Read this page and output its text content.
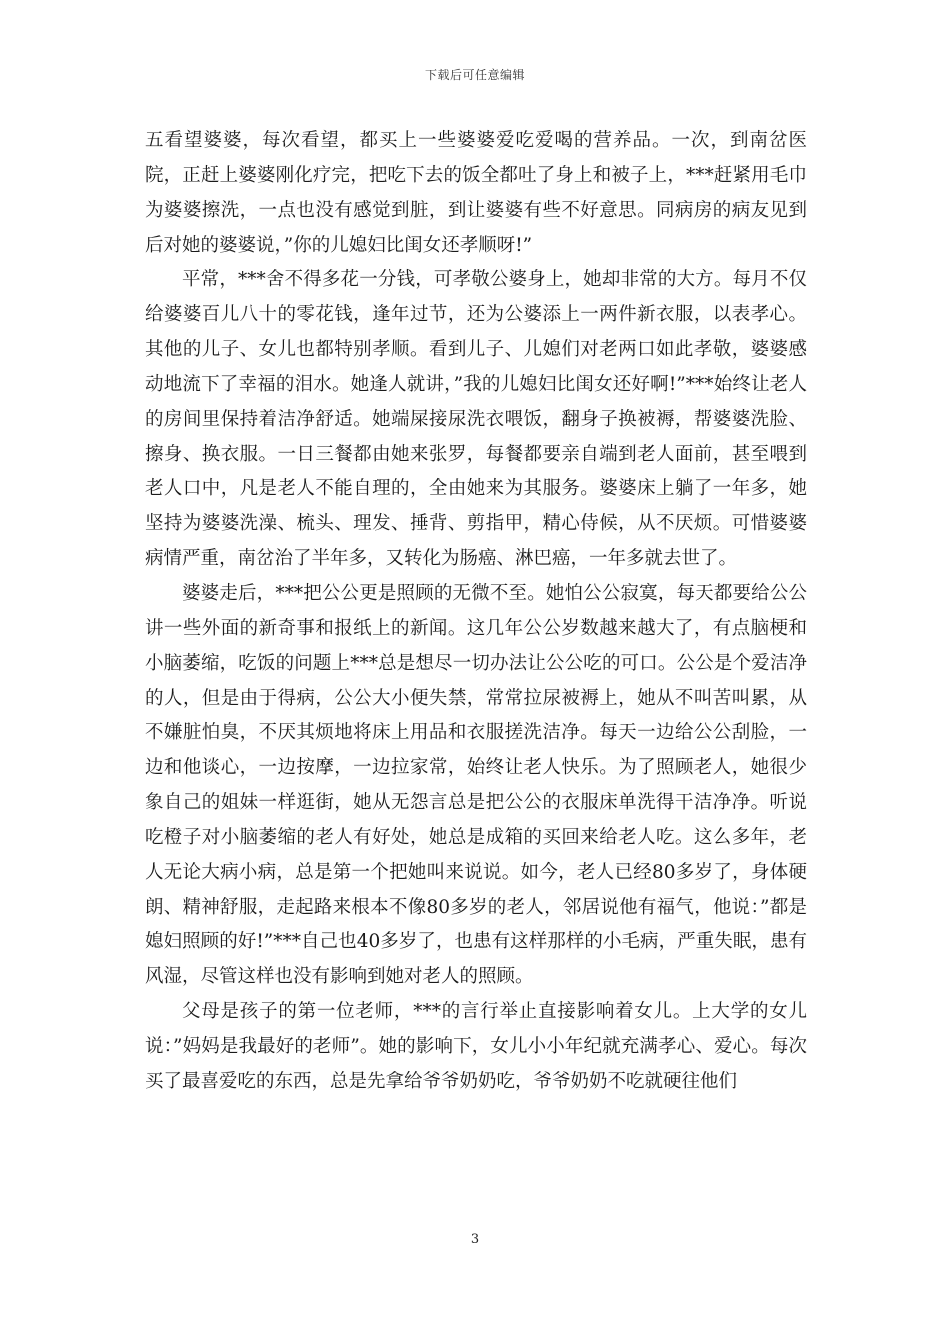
下载后可任意编辑

五看望婆婆，每次看望，都买上一些婆婆爱吃爱喝的营养品。一次，到南岔医院，正赶上婆婆刚化疗完，把吃下去的饭全都吐了身上和被子上，***赶紧用毛巾为婆婆擦洗，一点也没有感觉到脏，到让婆婆有些不好意思。同病房的病友见到后对她的婆婆说，”你的儿媳妇比闺女还孝顺呀!”

平常，***舍不得多花一分钱，可孝敬公婆身上，她却非常的大方。每月不仅给婆婆百儿八十的零花钱，逢年过节，还为公婆添上一两件新衣服，以表孝心。其他的儿子、女儿也都特别孝顺。看到儿子、儿媳们对老两口如此孝敬，婆婆感动地流下了幸福的泪水。她逢人就讲，”我的儿媳妇比闺女还好啊!”***始终让老人的房间里保持着洁净舒适。她端屎接尿洗衣喂饭，翻身子换被褥，帮婆婆洗脸、擦身、换衣服。一日三餐都由她来张罗，每餐都要亲自端到老人面前，甚至喂到老人口中，凡是老人不能自理的，全由她来为其服务。婆婆床上躺了一年多，她坚持为婆婆洗澡、梳头、理发、捶背、剪指甲，精心侍候，从不厌烦。可惜婆婆病情严重，南岔治了半年多，又转化为肠癌、淋巴癌，一年多就去世了。

婆婆走后，***把公公更是照顾的无微不至。她怕公公寂寞，每天都要给公公讲一些外面的新奇事和报纸上的新闻。这几年公公岁数越来越大了，有点脑梗和小脑萎缩，吃饭的问题上***总是想尽一切办法让公公吃的可口。公公是个爱洁净的人，但是由于得病，公公大小便失禁，常常拉尿被褥上，她从不叫苦叫累，从不嫌脏怕臭，不厌其烦地将床上用品和衣服搓洗洁净。每天一边给公公刮脸，一边和他谈心，一边按摩，一边拉家常，始终让老人快乐。为了照顾老人，她很少象自己的姐妹一样逛街，她从无怨言总是把公公的衣服床单洗得干洁净净。听说吃橙子对小脑萎缩的老人有好处，她总是成箱的买回来给老人吃。这么多年，老人无论大病小病，总是第一个把她叫来说说。如今，老人已经80多岁了，身体硬朗、精神舒服，走起路来根本不像80多岁的老人，邻居说他有福气，他说：”都是媳妇照顾的好!”***自己也40多岁了，也患有这样那样的小毛病，严重失眠，患有风湿，尽管这样也没有影响到她对老人的照顾。

父母是孩子的第一位老师，***的言行举止直接影响着女儿。上大学的女儿说：”妈妈是我最好的老师”。她的影响下，女儿小小年纪就充满孝心、爱心。每次买了最喜爱吃的东西，总是先拿给爷爷奶奶吃，爷爷奶奶不吃就硬往他们

3
